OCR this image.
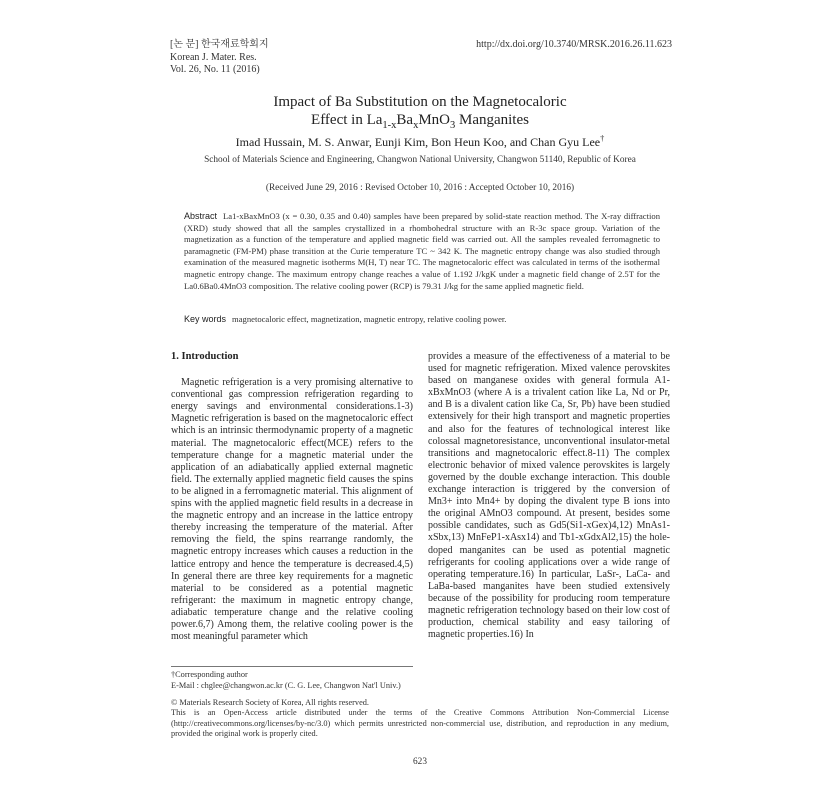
[논 문] 한국재료학회지
Korean J. Mater. Res.
Vol. 26, No. 11 (2016)
http://dx.doi.org/10.3740/MRSK.2016.26.11.623
Impact of Ba Substitution on the Magnetocaloric
Effect in $La_{1-x}Ba_xMnO_3$ Manganites
Imad Hussain, M. S. Anwar, Eunji Kim, Bon Heun Koo, and Chan Gyu Lee†
School of Materials Science and Engineering, Changwon National University, Changwon 51140, Republic of Korea
(Received June 29, 2016 : Revised October 10, 2016 : Accepted October 10, 2016)
Abstract La1-xBaxMnO3 (x = 0.30, 0.35 and 0.40) samples have been prepared by solid-state reaction method. The X-ray diffraction (XRD) study showed that all the samples crystallized in a rhombohedral structure with an R-3c space group. Variation of the magnetization as a function of the temperature and applied magnetic field was carried out. All the samples revealed ferromagnetic to paramagnetic (FM-PM) phase transition at the Curie temperature TC ~ 342 K. The magnetic entropy change was also studied through examination of the measured magnetic isotherms M(H, T) near TC. The magnetocaloric effect was calculated in terms of the isothermal magnetic entropy change. The maximum entropy change reaches a value of 1.192 J/kgK under a magnetic field change of 2.5T for the La0.6Ba0.4MnO3 composition. The relative cooling power (RCP) is 79.31 J/kg for the same applied magnetic field.
Key words magnetocaloric effect, magnetization, magnetic entropy, relative cooling power.
1. Introduction

Magnetic refrigeration is a very promising alternative to conventional gas compression refrigeration regarding to energy savings and environmental considerations.1-3) Magnetic refrigeration is based on the magnetocaloric effect which is an intrinsic thermodynamic property of a magnetic material. The magnetocaloric effect(MCE) refers to the temperature change for a magnetic material under the application of an adiabatically applied external magnetic field. The externally applied magnetic field causes the spins to be aligned in a ferromagnetic material. This alignment of spins with the applied magnetic field results in a decrease in the magnetic entropy and an increase in the lattice entropy thereby increasing the temperature of the material. After removing the field, the spins rearrange randomly, the magnetic entropy increases which causes a reduction in the lattice entropy and hence the temperature is decreased.4,5) In general there are three key requirements for a magnetic material to be considered as a potential magnetic refrigerant: the maximum in magnetic entropy change, adiabatic temperature change and the relative cooling power.6,7) Among them, the relative cooling power is the most meaningful parameter which

provides a measure of the effectiveness of a material to be used for magnetic refrigeration. Mixed valence perovskites based on manganese oxides with general formula A1-xBxMnO3 (where A is a trivalent cation like La, Nd or Pr, and B is a divalent cation like Ca, Sr, Pb) have been studied extensively for their high transport and magnetic properties and also for the features of technological interest like colossal magnetoresistance, unconventional insulator-metal transitions and magnetocaloric effect.8-11) The complex electronic behavior of mixed valence perovskites is largely governed by the double exchange interaction. This double exchange interaction is triggered by the conversion of Mn3+ into Mn4+ by doping the divalent type B ions into the original AMnO3 compound. At present, besides some possible candidates, such as Gd5(Si1-xGex)4,12) MnAs1-xSbx,13) MnFeP1-xAsx14) and Tb1-xGdxAl2,15) the hole-doped manganites can be used as potential magnetic refrigerants for cooling applications over a wide range of operating temperature.16) In particular, LaSr-, LaCa- and LaBa-based manganites have been studied extensively because of the possibility for producing room temperature magnetic refrigeration technology based on their low cost of production, chemical stability and easy tailoring of magnetic properties.16) In

†Corresponding author
E-Mail : chglee@changwon.ac.kr (C. G. Lee, Changwon Nat'l Univ.)
© Materials Research Society of Korea, All rights reserved.
This is an Open-Access article distributed under the terms of the Creative Commons Attribution Non-Commercial License (http://creativecommons.org/licenses/by-nc/3.0) which permits unrestricted non-commercial use, distribution, and reproduction in any medium, provided the original work is properly cited.
623
